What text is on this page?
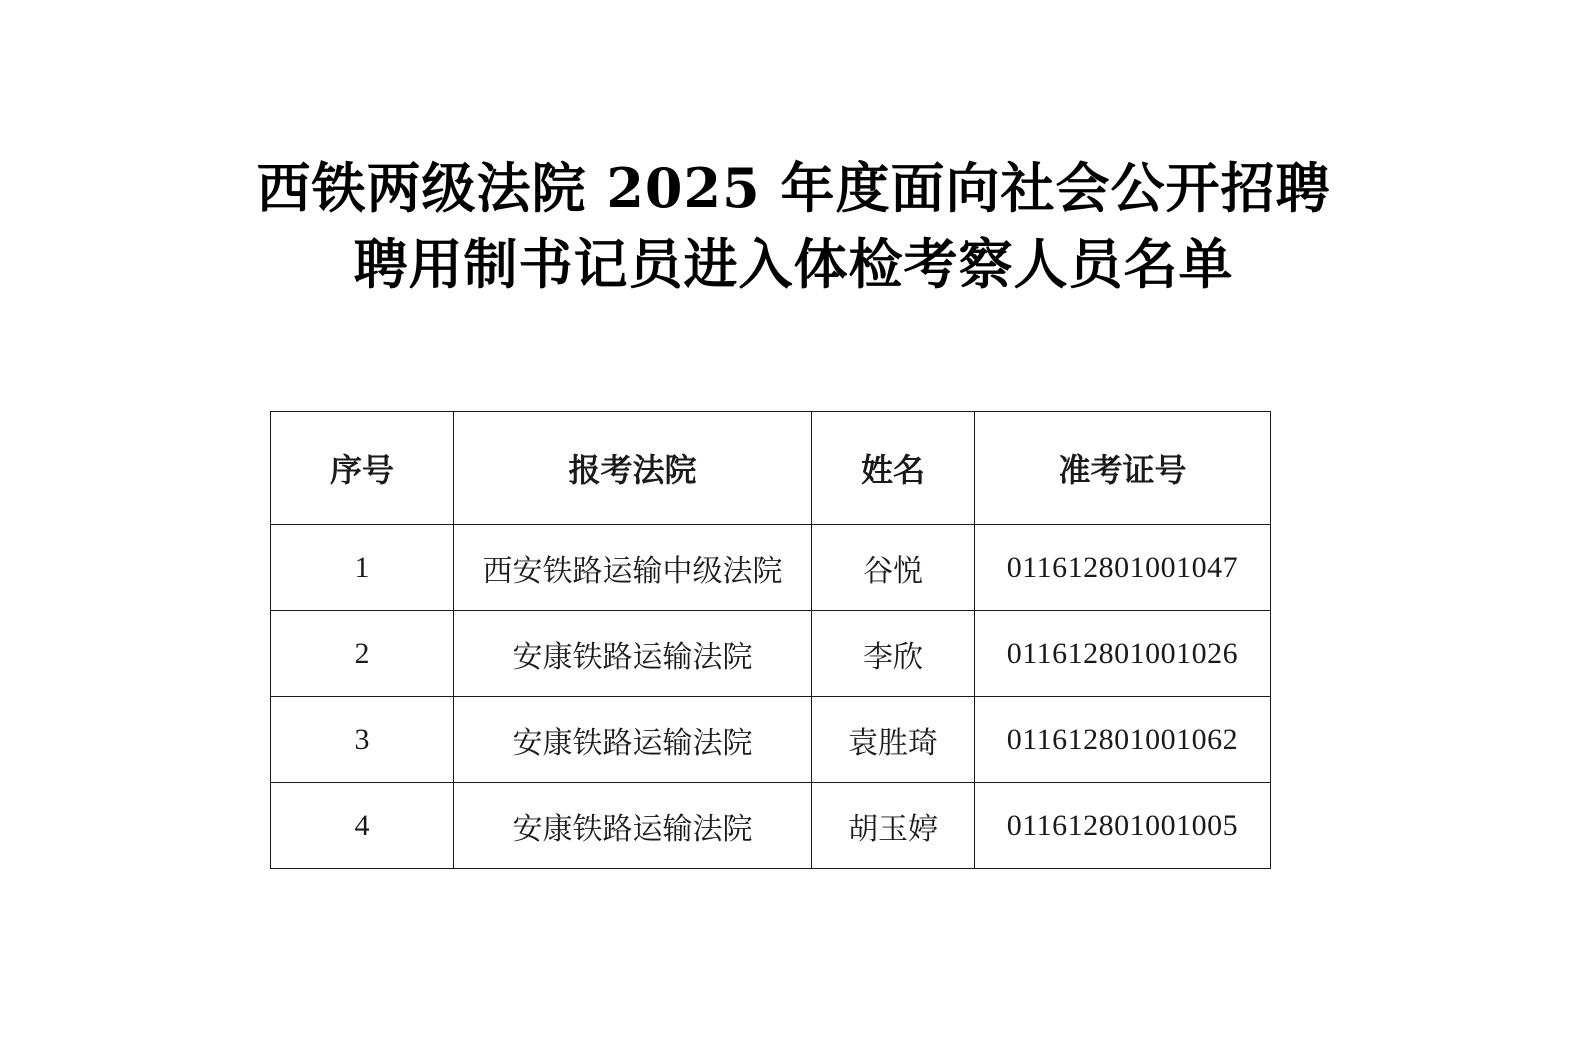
西铁两级法院 2025 年度面向社会公开招聘
聘用制书记员进入体检考察人员名单
序号	报考法院	姓名	准考证号
1	西安铁路运输中级法院	谷悦	011612801001047
2	安康铁路运输法院	李欣	011612801001026
3	安康铁路运输法院	袁胜琦	011612801001062
4	安康铁路运输法院	胡玉婷	011612801001005
